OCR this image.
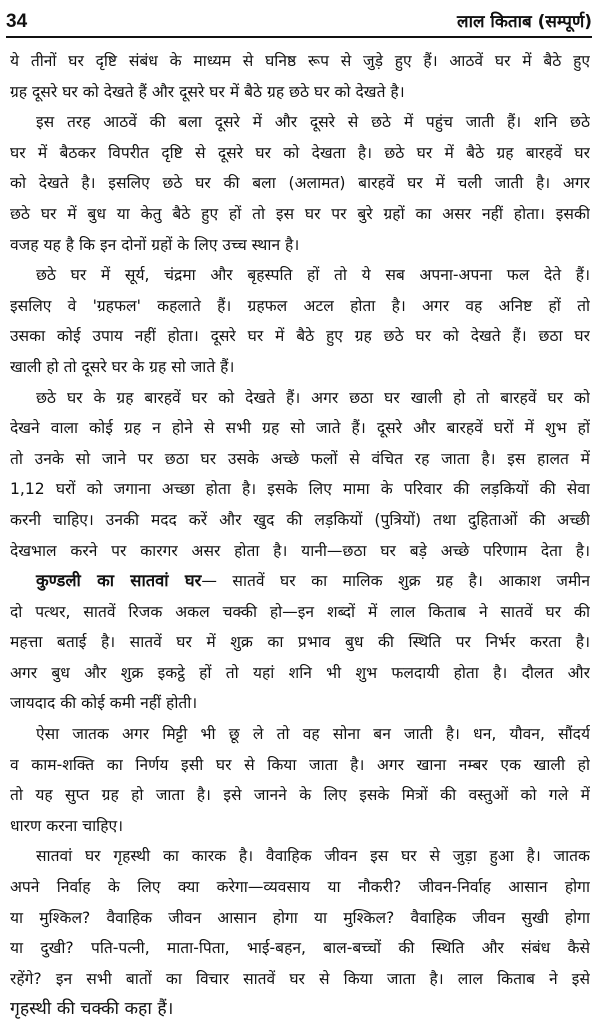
34	लाल किताब (सम्पूर्ण)
ये तीनों घर दृष्टि संबंध के माध्यम से घनिष्ठ रूप से जुड़े हुए हैं। आठवें घर में बैठे हुए
ग्रह दूसरे घर को देखते हैं और दूसरे घर में बैठे ग्रह छठे घर को देखते है।
इस तरह आठवें की बला दूसरे में और दूसरे से छठे में पहुंच जाती हैं। शनि छठे
घर में बैठकर विपरीत दृष्टि से दूसरे घर को देखता है। छठे घर में बैठे ग्रह बारहवें घर
को देखते है। इसलिए छठे घर की बला (अलामत) बारहवें घर में चली जाती है। अगर
छठे घर में बुध या केतु बैठे हुए हों तो इस घर पर बुरे ग्रहों का असर नहीं होता। इसकी
वजह यह है कि इन दोनों ग्रहों के लिए उच्च स्थान है।
छठे घर में सूर्य, चंद्रमा और बृहस्पति हों तो ये सब अपना-अपना फल देते हैं।
इसलिए वे 'ग्रहफल' कहलाते हैं। ग्रहफल अटल होता है। अगर वह अनिष्ट हों तो
उसका कोई उपाय नहीं होता। दूसरे घर में बैठे हुए ग्रह छठे घर को देखते हैं। छठा घर
खाली हो तो दूसरे घर के ग्रह सो जाते हैं।
छठे घर के ग्रह बारहवें घर को देखते हैं। अगर छठा घर खाली हो तो बारहवें घर को
देखने वाला कोई ग्रह न होने से सभी ग्रह सो जाते हैं। दूसरे और बारहवें घरों में शुभ हों
तो उनके सो जाने पर छठा घर उसके अच्छे फलों से वंचित रह जाता है। इस हालत में
1,12 घरों को जगाना अच्छा होता है। इसके लिए मामा के परिवार की लड़कियों की सेवा
करनी चाहिए। उनकी मदद करें और खुद की लड़कियों (पुत्रियों) तथा दुहिताओं की अच्छी
देखभाल करने पर कारगर असर होता है। यानी—छठा घर बड़े अच्छे परिणाम देता है।
कुण्डली का सातवां घर— सातवें घर का मालिक शुक्र ग्रह है। आकाश जमीन
दो पत्थर, सातवें रिजक अकल चक्की हो—इन शब्दों में लाल किताब ने सातवें घर की
महत्ता बताई है। सातवें घर में शुक्र का प्रभाव बुध की स्थिति पर निर्भर करता है।
अगर बुध और शुक्र इकट्ठे हों तो यहां शनि भी शुभ फलदायी होता है। दौलत और
जायदाद की कोई कमी नहीं होती।
ऐसा जातक अगर मिट्टी भी छू ले तो वह सोना बन जाती है। धन, यौवन, सौंदर्य
व काम-शक्ति का निर्णय इसी घर से किया जाता है। अगर खाना नम्बर एक खाली हो
तो यह सुप्त ग्रह हो जाता है। इसे जानने के लिए इसके मित्रों की वस्तुओं को गले में
धारण करना चाहिए।
सातवां घर गृहस्थी का कारक है। वैवाहिक जीवन इस घर से जुड़ा हुआ है। जातक
अपने निर्वाह के लिए क्या करेगा—व्यवसाय या नौकरी? जीवन-निर्वाह आसान होगा
या मुश्किल? वैवाहिक जीवन आसान होगा या मुश्किल? वैवाहिक जीवन सुखी होगा
या दुखी? पति-पत्नी, माता-पिता, भाई-बहन, बाल-बच्चों की स्थिति और संबंध कैसे
रहेंगे? इन सभी बातों का विचार सातवें घर से किया जाता है। लाल किताब ने इसे
गृहस्थी की चक्की कहा हैं।
